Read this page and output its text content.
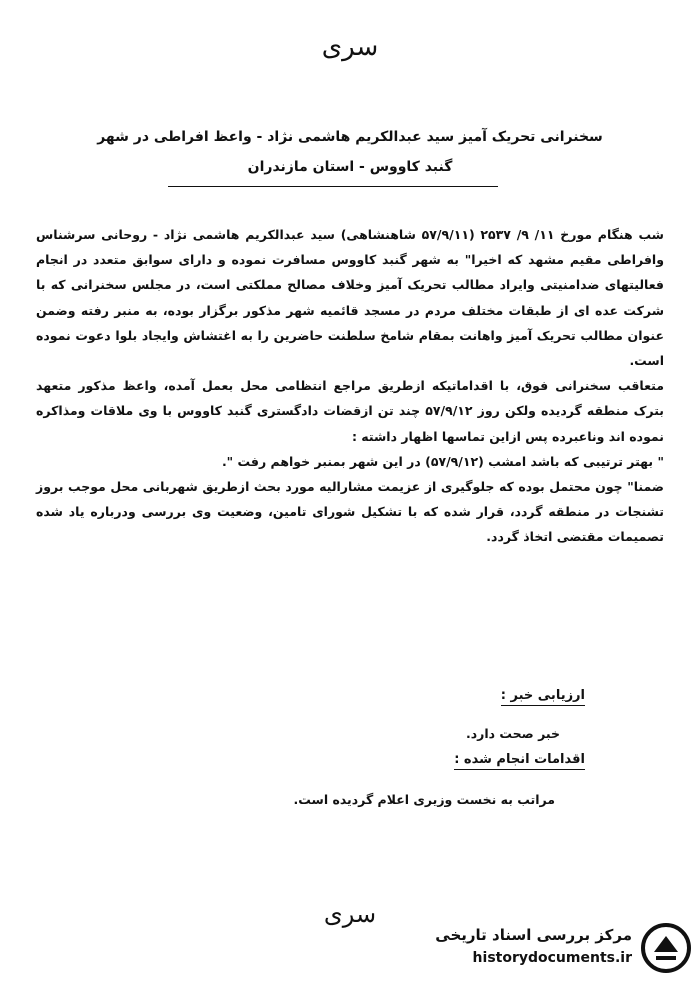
سری
سخنرانی تحریک آمیز سید عبدالکریم هاشمی نژاد - واعظ افراطی در شهر
گنبد کاووس - استان مازندران

شب هنگام مورخ ۱۱/ ۹/ ۲۵۳۷ (۵۷/۹/۱۱ شاهنشاهی) سید عبدالکریم هاشمی نژاد - روحانی سرشناس وافراطی مقیم مشهد که اخیرا" به شهر گنبد کاووس مسافرت نموده و دارای سوابق متعدد در انجام فعالیتهای ضدامنیتی وایراد مطالب تحریک آمیز وخلاف مصالح مملکتی است، در مجلس سخنرانی که با شرکت عده ای از طبقات مختلف مردم در مسجد قائمیه شهر مذکور برگزار بوده، به منبر رفته وضمن عنوان مطالب تحریک آمیز واهانت بمقام شامخ سلطنت حاضرین را به اغتشاش وایجاد بلوا دعوت نموده است.

متعاقب سخنرانی فوق، با اقداماتیکه ازطریق مراجع انتظامی محل بعمل آمده، واعظ مذکور متعهد بترک منطقه گردیده ولکن روز ۵۷/۹/۱۲ چند تن ازقضات دادگستری گنبد کاووس با وی ملاقات ومذاکره نموده اند وناعبرده پس ازاین تماسها اظهار داشته :

" بهتر ترتیبی که باشد امشب (۵۷/۹/۱۲) در این شهر بمنبر خواهم رفت ".

ضمنا" چون محتمل بوده که جلوگیری از عزیمت مشارالیه مورد بحث ازطریق شهربانی محل موجب بروز تشنجات در منطقه گردد، قرار شده که با تشکیل شورای تامین، وضعیت وی بررسی ودرباره یاد شده تصمیمات مقتضی اتخاذ گردد.

ارزیابی خبر :
خبر صحت دارد.
اقدامات انجام شده :
مراتب به نخست وزیری اعلام گردیده است.
سری
مرکز بررسی اسناد تاریخی
historydocuments.ir
